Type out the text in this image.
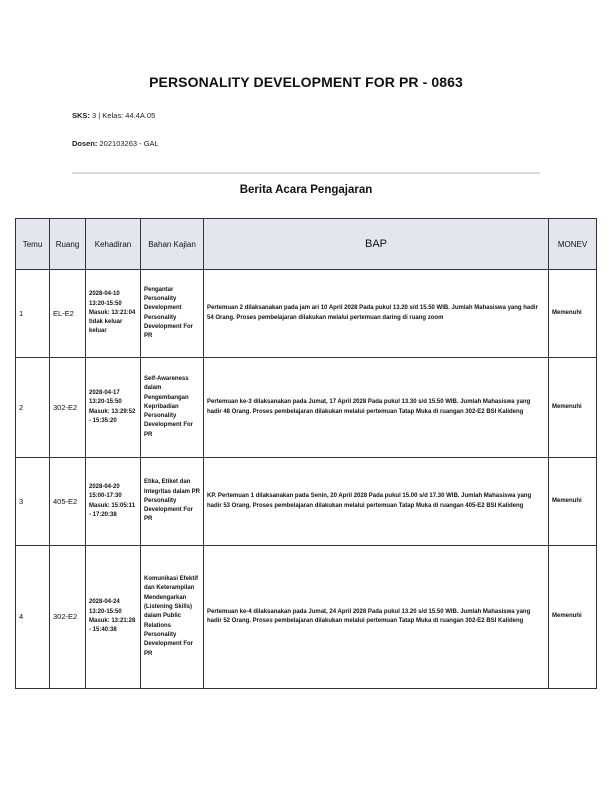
PERSONALITY DEVELOPMENT FOR PR - 0863
SKS: 3 | Kelas: 44.4A.05
Dosen: 202103263 - GAL
Berita Acara Pengajaran
Temu	Ruang	Kehadiran	Bahan Kajian	BAP	MONEV
1	EL-E2	2028-04-10 13:20-15:50 Masuk: 13:21:04 tidak keluar keluar	Pengantar Personality Development Personality Development For PR	Pertemuan 2 dilaksanakan pada jam ari 10 April 2028 Pada pukul 13.20 s/d 15.50 WIB. Jumlah Mahasiswa yang hadir 54 Orang. Proses pembelajaran dilakukan melalui pertemuan daring di ruang zoom	Memenuhi
2	302-E2	2028-04-17 13:20-15:50 Masuk: 13:29:52 - 15:35:20	Self-Awareness dalam Pengembangan Kepribadian Personality Development For PR	Pertemuan ke-3 dilaksanakan pada Jumat, 17 April 2028 Pada pukul 13.30 s/d 15.50 WIB. Jumlah Mahasiswa yang hadir 48 Orang. Proses pembelajaran dilakukan melalui pertemuan Tatap Muka di ruangan 302-E2 BSI Kalideng	Memenuhi
3	405-E2	2028-04-20 15:00-17:30 Masuk: 15:05:11 - 17:20:38	Etika, Etiket dan Integritas dalam PR Personality Development For PR	KP. Pertemuan 1 dilaksanakan pada Senin, 20 April 2028 Pada pukul 15.00 s/d 17.30 WIB. Jumlah Mahasiswa yang hadir 53 Orang. Proses pembelajaran dilakukan melalui pertemuan Tatap Muka di ruangan 405-E2 BSI Kalideng	Memenuhi
4	302-E2	2028-04-24 13:20-15:50 Masuk: 13:21:28 - 15:40:38	Komunikasi Efektif dan Keterampilan Mendengarkan (Listening Skills) dalam Public Relations Personality Development For PR	Pertemuan ke-4 dilaksanakan pada Jumat, 24 April 2028 Pada pukul 13.20 s/d 15.50 WIB. Jumlah Mahasiswa yang hadir 52 Orang. Proses pembelajaran dilakukan melalui pertemuan Tatap Muka di ruangan 302-E2 BSI Kalideng	Memenuhi
